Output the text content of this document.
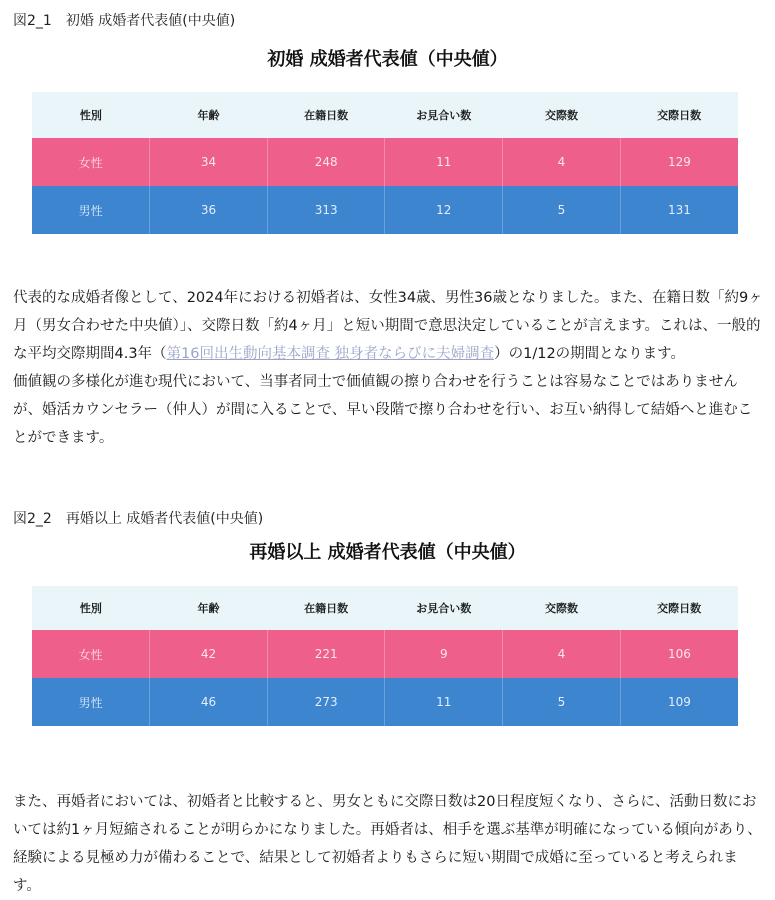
図2_1　初婚 成婚者代表値(中央値)
初婚 成婚者代表値（中央値）
性別	年齢	在籍日数	お見合い数	交際数	交際日数
女性	34	248	11	4	129
男性	36	313	12	5	131

代表的な成婚者像として、2024年における初婚者は、女性34歳、男性36歳となりました。また、在籍日数「約9ヶ月（男女合わせた中央値）」、交際日数「約4ヶ月」と短い期間で意思決定していることが言えます。これは、一般的な平均交際期間4.3年（第16回出生動向基本調査 独身者ならびに夫婦調査）の1/12の期間となります。

価値観の多様化が進む現代において、当事者同士で価値観の擦り合わせを行うことは容易なことではありませんが、婚活カウンセラー（仲人）が間に入ることで、早い段階で擦り合わせを行い、お互い納得して結婚へと進むことができます。

図2_2　再婚以上 成婚者代表値(中央値)
再婚以上 成婚者代表値（中央値）
性別	年齢	在籍日数	お見合い数	交際数	交際日数
女性	42	221	9	4	106
男性	46	273	11	5	109

また、再婚者においては、初婚者と比較すると、男女ともに交際日数は20日程度短くなり、さらに、活動日数においては約1ヶ月短縮されることが明らかになりました。再婚者は、相手を選ぶ基準が明確になっている傾向があり、経験による見極め力が備わることで、結果として初婚者よりもさらに短い期間で成婚に至っていると考えられます。
